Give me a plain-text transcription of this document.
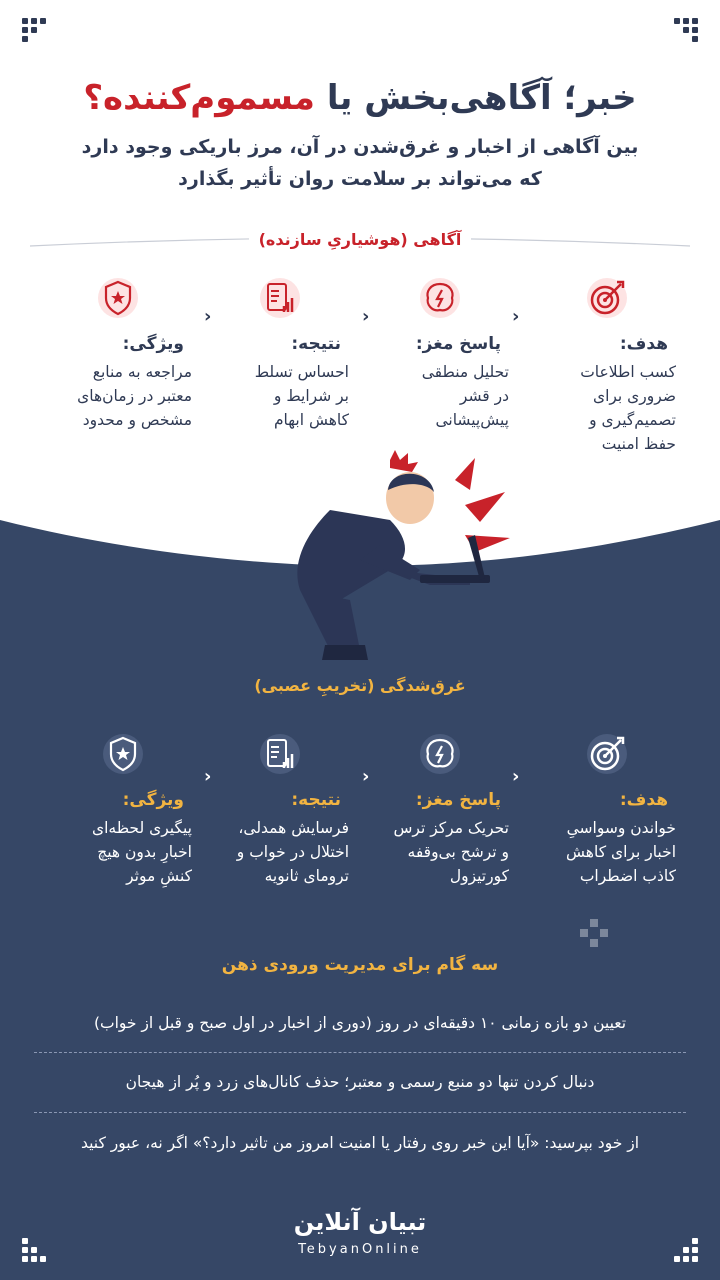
خبر؛ آگاهی‌بخش یا مسموم‌کننده؟
بین آگاهی از اخبار و غرق‌شدن در آن، مرز باریکی وجود دارد
که می‌تواند بر سلامت روان تأثیر بگذارد
آگاهی (هوشیاریِ سازنده)
هدف:
کسب اطلاعات
ضروری برای
تصمیم‌گیری و
حفظ امنیت
‹
پاسخ مغز:
تحلیل منطقی
در قشر
پیش‌پیشانی
‹
نتیجه:
احساس تسلط
بر شرایط و
کاهش ابهام
‹
ویژگی:
مراجعه به منابع
معتبر در زمان‌های
مشخص و محدود
غرق‌شدگی (تخریبِ عصبی)
هدف:
خواندن وسواسیِ
اخبار برای کاهش
کاذب اضطراب
‹
پاسخ مغز:
تحریک مرکز ترس
و ترشح بی‌وقفه
کورتیزول
‹
نتیجه:
فرسایش همدلی،
اختلال در خواب و
ترومای ثانویه
‹
ویژگی:
پیگیری لحظه‌ای
اخبارِ بدون هیچ
کنشِ موثر
سه گام برای مدیریت ورودی ذهن
تعیین دو بازه زمانی ۱۰ دقیقه‌ای در روز (دوری از اخبار در اول صبح و قبل از خواب)
دنبال کردن تنها دو منبع رسمی و معتبر؛ حذف کانال‌های زرد و پُر از هیجان
از خود بپرسید: «آیا این خبر روی رفتار یا امنیت امروز من تاثیر دارد؟» اگر نه، عبور کنید
تبیان آنلاین
TebyanOnline
